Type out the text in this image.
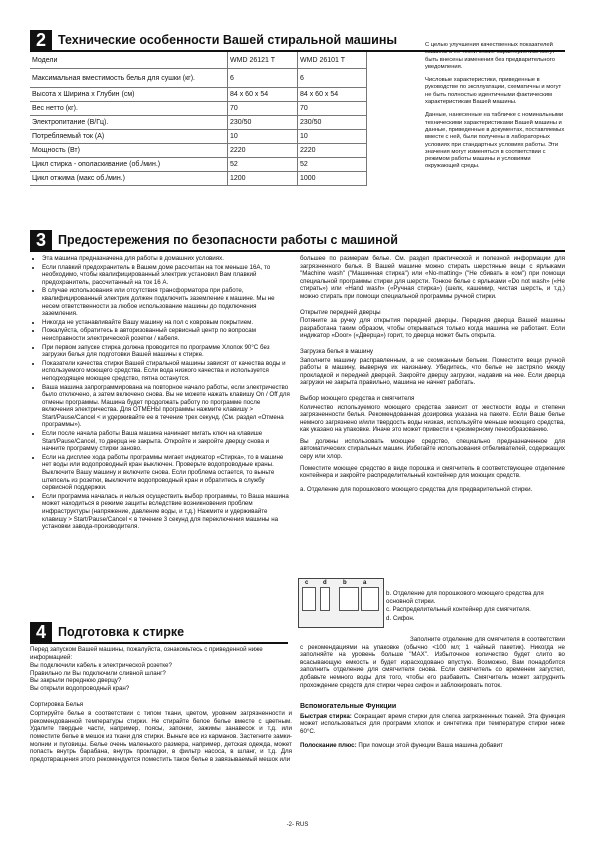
2 Технические особенности Вашей стиральной машины
Модели	WMD 26121 T	WMD 26101 T	
Максимальная вместимость белья для сушки (кг).	6	6	
Высота x Ширина x Глубин (см)	84 x 60 x 54	84 x 60 x 54	
Вес нетто (кг).	70	70	
Электропитание (В/Гц).	230/50	230/50	
Потребляемый ток (А)	10	10	
Мощность (Вт)	2220	2220	
Цикл стирка - ополаскивание (об./мин.)	52	52	
Цикл отжима (макс об./мин.)	1200	1000	

С целью улучшения качественных показателей машины в ее технические характеристики могут быть внесены изменения без предварительного уведомления.

Числовые характеристики, приведенные в руководстве по эксплуатации, схематичны и могут не быть полностью идентичными фактическим характеристикам Вашей машины.

Данные, нанесенные на табличке с номинальными техническими характеристиками Вашей машины и данные, приведенные в документах, поставляемых вместе с ней, были получены в лабораторных условиях при стандартных условиях работы. Эти значения могут изменяться в соответствии с режимом работы машины и условиями окружающей среды.

3 Предостережения по безопасности работы с машиной
• Эта машина предназначена для работы в домашних условиях.
• Если плавкий предохранитель в Вашем доме рассчитан на ток меньше 16А, то необходимо, чтобы квалифицированный электрик установил Вам плавкий предохранитель, рассчитанный на ток 16 А.
• В случае использования или отсутствия трансформатора при работе, квалифицированный электрик должен подключить заземление к машине. Мы не несем ответственности за любое использование машины до подключения заземления.
• Никогда не устанавливайте Вашу машину на пол с ковровым покрытием.
• Пожалуйста, обратитесь в авторизованный сервисный центр по вопросам неисправности электрической розетки / кабеля.
• При первом запуске стирка должна проводится по программе Хлопок 90°С без загрузки белья для подготовки Вашей машины к стирке.
• Показатели качества стирки Вашей стиральной машины зависят от качества воды и используемого моющего средства. Если вода низкого качества и используется неподходящее моющее средство, пятна останутся.
• Ваша машина запрограммирована на повторное начало работы, если электричество было отключено, а затем включено снова. Вы не можете нажать клавишу On / Off для отмены программы. Машина будет продолжать работу по программе после включения электричества. Для ОТМЕНЫ программы нажмите клавишу > Start/Pause/Cancel < и удерживайте ее в течение трех секунд. (См. раздел «Отмена программы»).
• Если после начала работы Ваша машина начинает мигать ключ на клавише Start/Pause/Cancel, то дверца не закрыта. Откройте и закройте дверцу снова и начните программу стирки заново.
• Если на дисплее хода работы программы мигает индикатор «Стирка», то в машине нет воды или водопроводный кран выключен. Проверьте водопроводные краны. Выключите Вашу машину и включите снова. Если проблема остается, то выньте штепсель из розетки, выключите водопроводный кран и обратитесь в службу сервисной поддержки.
• Если программа началась и нельзя осуществить выбор программы, то Ваша машина может находиться в режиме защиты вследствие возникновения проблем инфраструктуры (напряжение, давление воды, и т.д.) Нажмите и удерживайте клавишу > Start/Pause/Cancel < в течение 3 секунд для переключения машины на установки завода-производителя.
4 Подготовка к стирке

Перед запуском Вашей машины, пожалуйста, ознакомьтесь с приведенной ниже информацией:

Вы подключили кабель к электрической розетке?
Правильно ли Вы подключили сливной шланг?
Вы закрыли переднюю дверцу?
Вы открыли водопроводный кран?

Сортировка Белья

Сортируйте белье в соответствии с типом ткани, цветом, уровнем загрязненности и рекомендованной температуры стирки. Не стирайте белое белье вместе с цветным. Удалите твердые части, например, поясы, запонки, зажимы занавесок и т.д. или поместите белье в мешок из ткани для стирки. Выньте все из карманов. Застегните замки-молнии и пуговицы. Белье очень маленького размера, например, детская одежда, может попасть внутрь барабана, внутрь прокладки, в фильтр насоса, в шланг, и т.д. Для предотвращения этого рекомендуется поместить такое белье в завязываемый мешок или

большее по размерам белье. См. раздел практической и полезной информации для загрязненного белья. В Вашей машине можно стирать шерстяные вещи с ярлыками "Machine wash" ("Машинная стирка") или «No-matting» ("Не сбивать в ком") при помощи специальной программы стирки для шерсти. Тонкое белье с ярлыками «Do not wash» («Не стирать») или «Hand wash» («Ручная стирка») (шелк, кашемир, чистая шерсть, и т.д.) можно стирать при помощи специальной программы ручной стирки.

Открытие передней дверцы

Потяните за ручку для открытия передней дверцы. Передняя дверца Вашей машины разработана таким образом, чтобы открываться только когда машина не работает. Если индикатор «Door» («Дверца») горит, то дверца может быть открыта.

Загрузка белья в машину

Заполните машину расправленным, а не скомканным бельем. Поместите вещи ручной работы в машину, вывернув их наизнанку. Убедитесь, что белье не застряло между прокладкой и передней дверцей. Закройте дверцу загрузки, надавив на нее. Если дверца загрузки не закрыта правильно, машина не начнет работать.

Выбор моющего средства и смягчителя

Количество используемого моющего средства зависит от жесткости воды и степени загрязненности белья. Рекомендованная дозировка указана на пакете. Если Ваше белье немного загрязнено и/или твердость воды низкая, используйте меньше моющего средства, как указано на упаковке. Иначе это может привести к чрезмерному пенообразованию.

Вы должны использовать моющее средство, специально предназначенное для автоматических стиральных машин. Избегайте использования отбеливателей, содержащих серу или хлор.

Поместите моющее средство в виде порошка и смягчитель в соответствующее отделение контейнера и закройте распределительный контейнер для моющих средств.

a. Отделение для порошкового моющего средства для предварительной стирки.

c d	b	a
b. Отделение для порошкового моющего средства для основной стирки.
c. Распределительный контейнер для смягчителя.
d. Сифон.

Заполните отделение для смягчителя в соответствии с рекомендациями на упаковке (обычно <100 мл; 1 чайный пакетик). Никогда не заполняйте на уровень больше "MAX". Избыточное количество будет слито во всасывающую емкость и будет израсходовано впустую. Возможно, Вам понадобится заполнить отделение для смягчителя снова. Если смягчитель со временем загустел, добавьте немного воды для того, чтобы его разбавить. Смягчитель может затруднить прохождение средств для стирки через сифон и заблокировать поток.

Вспомогательные Функции

Быстрая стирка: Сокращает время стирки для слегка загрязненных тканей. Эта функция может использоваться для программ хлопок и синтетика при температуре стирки ниже 60°С.

Полоскание плюс: При помощи этой функции Ваша машина добавит

-2- RUS
